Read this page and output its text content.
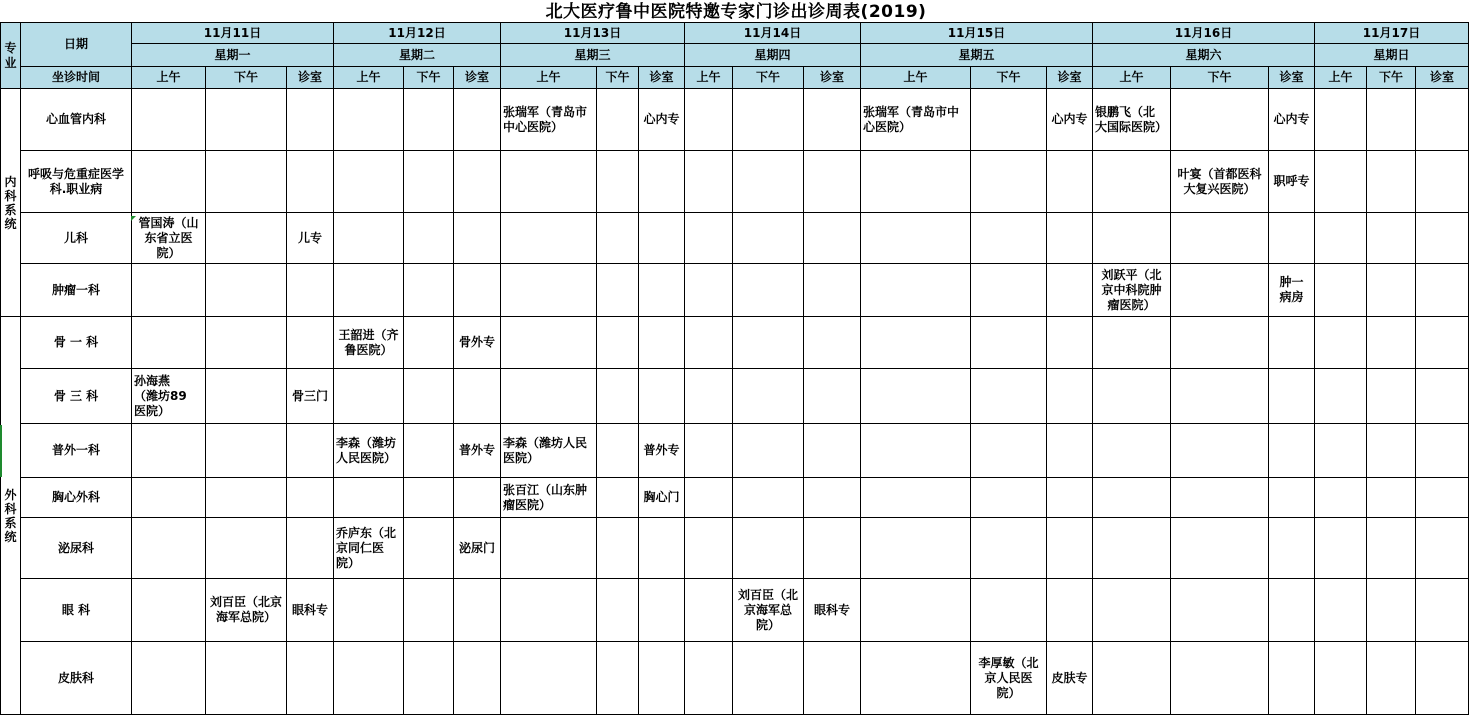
北大医疗鲁中医院特邀专家门诊出诊周表(2019)
专业	日期	11月11日			11月12日			11月13日			11月14日			11月15日			11月16日			11月17日		
		星期一			星期二			星期三			星期四			星期五			星期六			星期日		
	坐诊时间	上午	下午	诊室	上午	下午	诊室	上午	下午	诊室	上午	下午	诊室	上午	下午	诊室	上午	下午	诊室	上午	下午	诊室

内科系统	心血管内科							张瑞军（青岛市中心医院）		心内专				张瑞军（青岛市中心医院）		心内专	银鹏飞（北大国际医院）		心内专			

	呼吸与危重症医学科.职业病																	叶宴（首都医科大复兴医院）	职呼专			

	儿科	管国涛（山东省立医院）		儿专																		

	肿瘤一科																刘跃平（北京中科院肿瘤医院）		肿一病房			

外科系统	骨 一 科				王韶进（齐鲁医院）		骨外专															

	骨 三 科	孙海燕（潍坊89医院）		骨三门																		

	普外一科				李森（潍坊人民医院）		普外专	李森（潍坊人民医院）		普外专												

	胸心外科							张百江（山东肿瘤医院）		胸心门												

	泌尿科				乔庐东（北京同仁医院）		泌尿门															

	眼 科		刘百臣（北京海军总院）	眼科专								刘百臣（北京海军总院）	眼科专									

	皮肤科														李厚敏（北京人民医院）	皮肤专						
